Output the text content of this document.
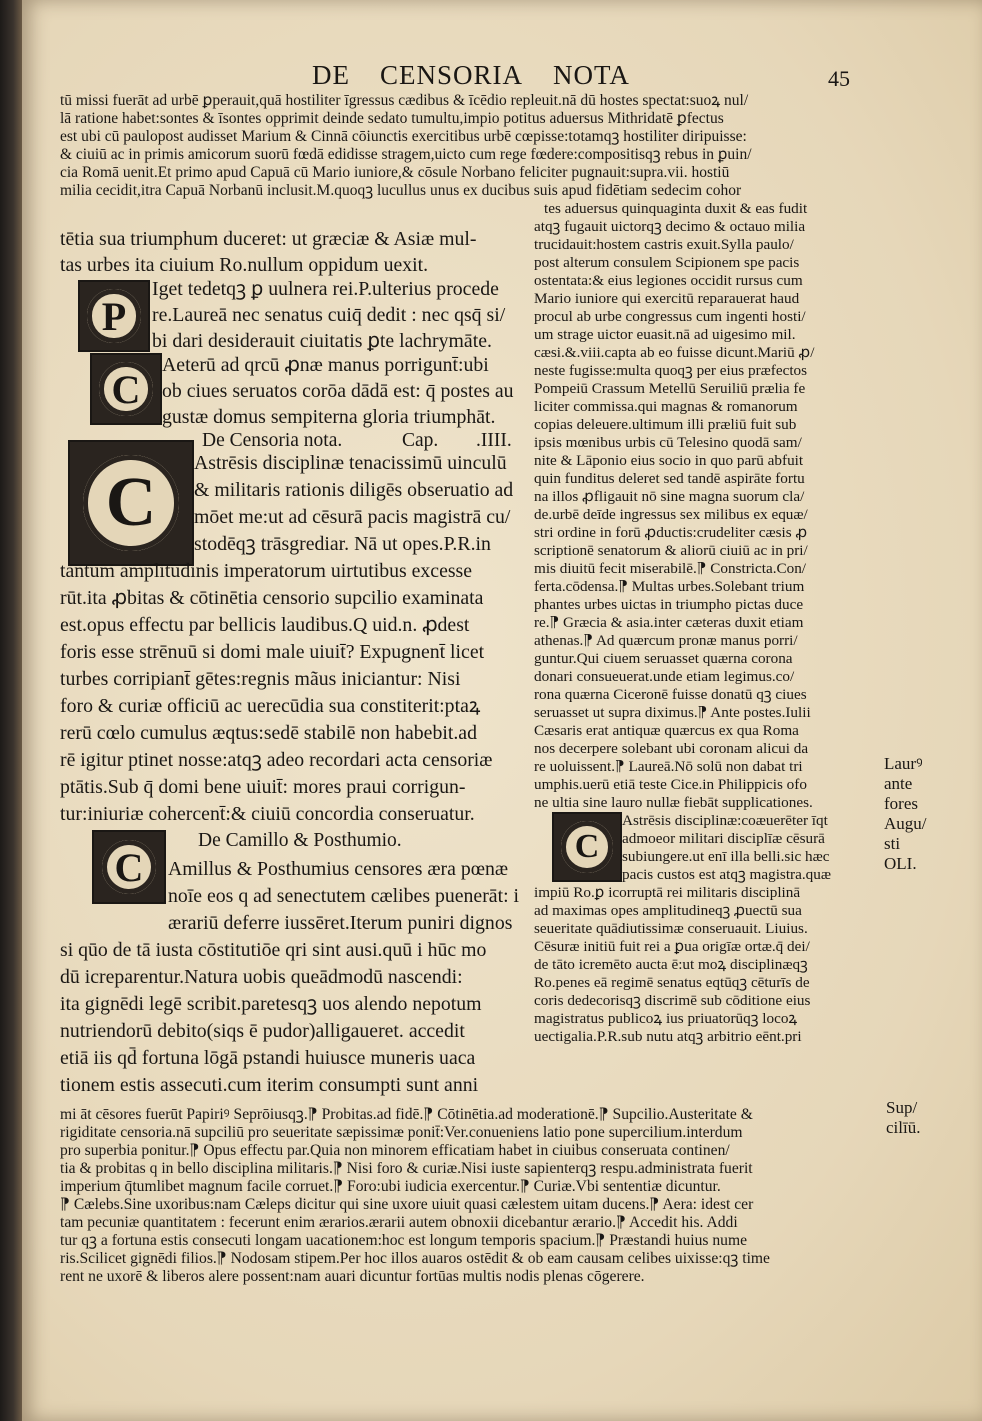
DE CENSORIA NOTA	45
tū missi fuerāt ad urbē ꝑperauit,quā hostiliter īgressus cædibus & īcēdio repleuit.nā dū hostes spectat:suoꝝ nul/
lā ratione habet:sontes & īsontes opprimit deinde sedato tumultu,impio potitus aduersus Mithridatē ꝑfectus
est ubi cū paulopost audisset Marium & Cinnā cōiunctis exercitibus urbē cœpisse:totamqꝫ hostiliter diripuisse:
& ciuiū ac in primis amicorum suorū fœdā edidisse stragem,uicto cum rege fœdere:compositisqꝫ rebus in ꝑuin/
cia Romā uenit.Et primo apud Capuā cū Mario iuniore,& cōsule Norbano feliciter pugnauit:supra.vii. hostiū
milia cecidit,itra Capuā Norbanū inclusit.M.quoqꝫ lucullus unus ex ducibus suis apud fidētiam sedecim cohor
tes aduersus quinquaginta duxit & eas fudit
atqꝫ fugauit uictorqꝫ decimo & octauo milia
trucidauit:hostem castris exuit.Sylla paulo/
post alterum consulem Scipionem spe pacis
ostentata:& eius legiones occidit rursus cum
Mario iuniore qui exercitū reparauerat haud
procul ab urbe congressus cum ingenti hosti/
um strage uictor euasit.nā ad uigesimo mil.
cæsi.&.viii.capta ab eo fuisse dicunt.Mariū ꝓ/
neste fugisse:multa quoqꝫ per eius præfectos
Pompeiū Crassum Metellū Seruiliū prælia fe
liciter commissa.qui magnas & romanorum
copias deleuere.ultimum illi præliū fuit sub
ipsis mœnibus urbis cū Telesino quodā sam/
nite & Lāponio eius socio in quo parū abfuit
quin funditus deleret sed tandē aspirāte fortu
na illos ꝓfligauit nō sine magna suorum cla/
de.urbē deīde ingressus sex milibus ex equæ/
stri ordine in forū ꝓductis:crudeliter cæsis ꝓ
scriptionē senatorum & aliorū ciuiū ac in pri/
mis diuitū fecit miserabilē.⁋ Constricta.Con/
ferta.cōdensa.⁋ Multas urbes.Solebant trium
phantes urbes uictas in triumpho pictas duce
re.⁋ Græcia & asia.inter cæteras duxit etiam
athenas.⁋ Ad quærcum pronæ manus porri/
guntur.Qui ciuem seruasset quærna corona
donari consueuerat.unde etiam legimus.co/
rona quærna Ciceronē fuisse donatū qꝫ ciues
seruasset ut supra diximus.⁋ Ante postes.Iulii
Cæsaris erat antiquæ quærcus ex qua Roma
nos decerpere solebant ubi coronam alicui da
re uoluissent.⁋ Laureā.Nō solū non dabat tri
umphis.uerū etiā teste Cice.in Philippicis ofo
ne ultia sine lauro nullæ fiebāt supplicationes.
Astrēsis disciplinæ:coæuerēter īqt
admoeor militari disciplīæ cēsurā
subiungere.ut enī illa belli.sic hæc
pacis custos est atqꝫ magistra.quæ
impiū Ro.ꝑ icorruptā rei militaris disciplinā
ad maximas opes amplitudineqꝫ ꝓuectū sua
seueritate quādiutissimæ conseruauit. Liuius.
Cēsuræ initiū fuit rei a ꝑua origīæ ortæ.q̄ dei/
de tāto icremēto aucta ē:ut moꝝ disciplinæqꝫ
Ro.penes eā regimē senatus eqtūqꝫ cēturīs de
coris dedecorisqꝫ discrimē sub cōditione eius
magistratus publicoꝝ ius priuatorūqꝫ locoꝝ
uectigalia.P.R.sub nutu atqꝫ arbitrio eēnt.pri
tētia sua triumphum duceret: ut græciæ & Asiæ mul-
tas urbes ita ciuium Ro.nullum oppidum uexit.
P
Iget tedetqꝫ ꝑ uulnera rei.P.ulterius procede
re.Laureā nec senatus cuiq̄ dedit : nec qsq̄ si/
bi dari desiderauit ciuitatis ꝑte lachrymāte.
C
Aeterū ad qrcū ꝓnæ manus porrigunt̄:ubi
ob ciues seruatos corōa dādā est: q̄ postes au
gustæ domus sempiterna gloria triumphāt.
De Censoria nota.	Cap. .IIII.
C
Astrēsis disciplinæ tenacissimū uinculū
& militaris rationis diligēs obseruatio ad
mōet me:ut ad cēsurā pacis magistrā cu/
stodēqꝫ trāsgrediar. Nā ut opes.P.R.in
tantum amplitudinis imperatorum uirtutibus excesse
rūt.ita ꝓbitas & cōtinētia censorio supcilio examinata
est.opus effectu par bellicis laudibus.Q uid.n. ꝓdest
foris esse strēnuū si domi male uiuit̄? Expugnent̄ licet
turbes corripiant̄ gētes:regnis mãus iniciantur: Nisi
foro & curiæ officiū ac uerecūdia sua constiterit:ptaꝝ
rerū cœlo cumulus æqtus:sedē stabilē non habebit.ad
rē igitur ptinet nosse:atqꝫ adeo recordari acta censoriæ
ptātis.Sub q̄ domi bene uiuit̄: mores praui corrigun-
tur:iniuriæ cohercent̄:& ciuiū concordia conseruatur.
De Camillo & Posthumio.
C	Amillus & Posthumius censores æra pœnæ
noīe eos q ad senectutem cælibes puenerāt: i
ærariū deferre iussēret.Iterum puniri dignos
si qūo de tā iusta cōstitutiōe qri sint ausi.quū i hūc mo
dū icreparentur.Natura uobis queādmodū nascendi:
ita gignēdi legē scribit.paretesqꝫ uos alendo nepotum
nutriendorū debito(siqs ē pudor)alligaueret. accedit
etiā iis qd̄ fortuna lōgā pstandi huiusce muneris uaca
tionem estis assecuti.cum iterim consumpti sunt anni
C
mi āt cēsores fuerūt Papiriꝰ Seprōiusqꝫ.⁋ Probitas.ad fidē.⁋ Cōtinētia.ad moderationē.⁋ Supcilio.Austeritate &
rigiditate censoria.nā supciliū pro seueritate sæpissimæ ponit̄:Ver.conueniens latio pone supercilium.interdum
pro superbia ponitur.⁋ Opus effectu par.Quia non minorem efficatiam habet in ciuibus conseruata continen/
tia & probitas q in bello disciplina militaris.⁋ Nisi foro & curiæ.Nisi iuste sapienterqꝫ respu.administrata fuerit
imperium q̄tumlibet magnum facile corruet.⁋ Foro:ubi iudicia exercentur.⁋ Curiæ.Vbi sententiæ dicuntur.
⁋ Cælebs.Sine uxoribus:nam Cæleps dicitur qui sine uxore uiuit quasi cælestem uitam ducens.⁋ Aera: idest cer
tam pecuniæ quantitatem : fecerunt enim ærarios.ærarii autem obnoxii dicebantur ærario.⁋ Accedit his. Addi
tur qꝫ a fortuna estis consecuti longam uacationem:hoc est longum temporis spacium.⁋ Præstandi huius nume
ris.Scilicet gignēdi filios.⁋ Nodosam stipem.Per hoc illos auaros ostēdit & ob eam causam celibes uixisse:qꝫ time
rent ne uxorē & liberos alere possent:nam auari dicuntur fortūas multis nodis plenas cōgerere.
Laurꝰ
ante
fores
Augu/
sti
OLI.
Sup/
cilīū.
